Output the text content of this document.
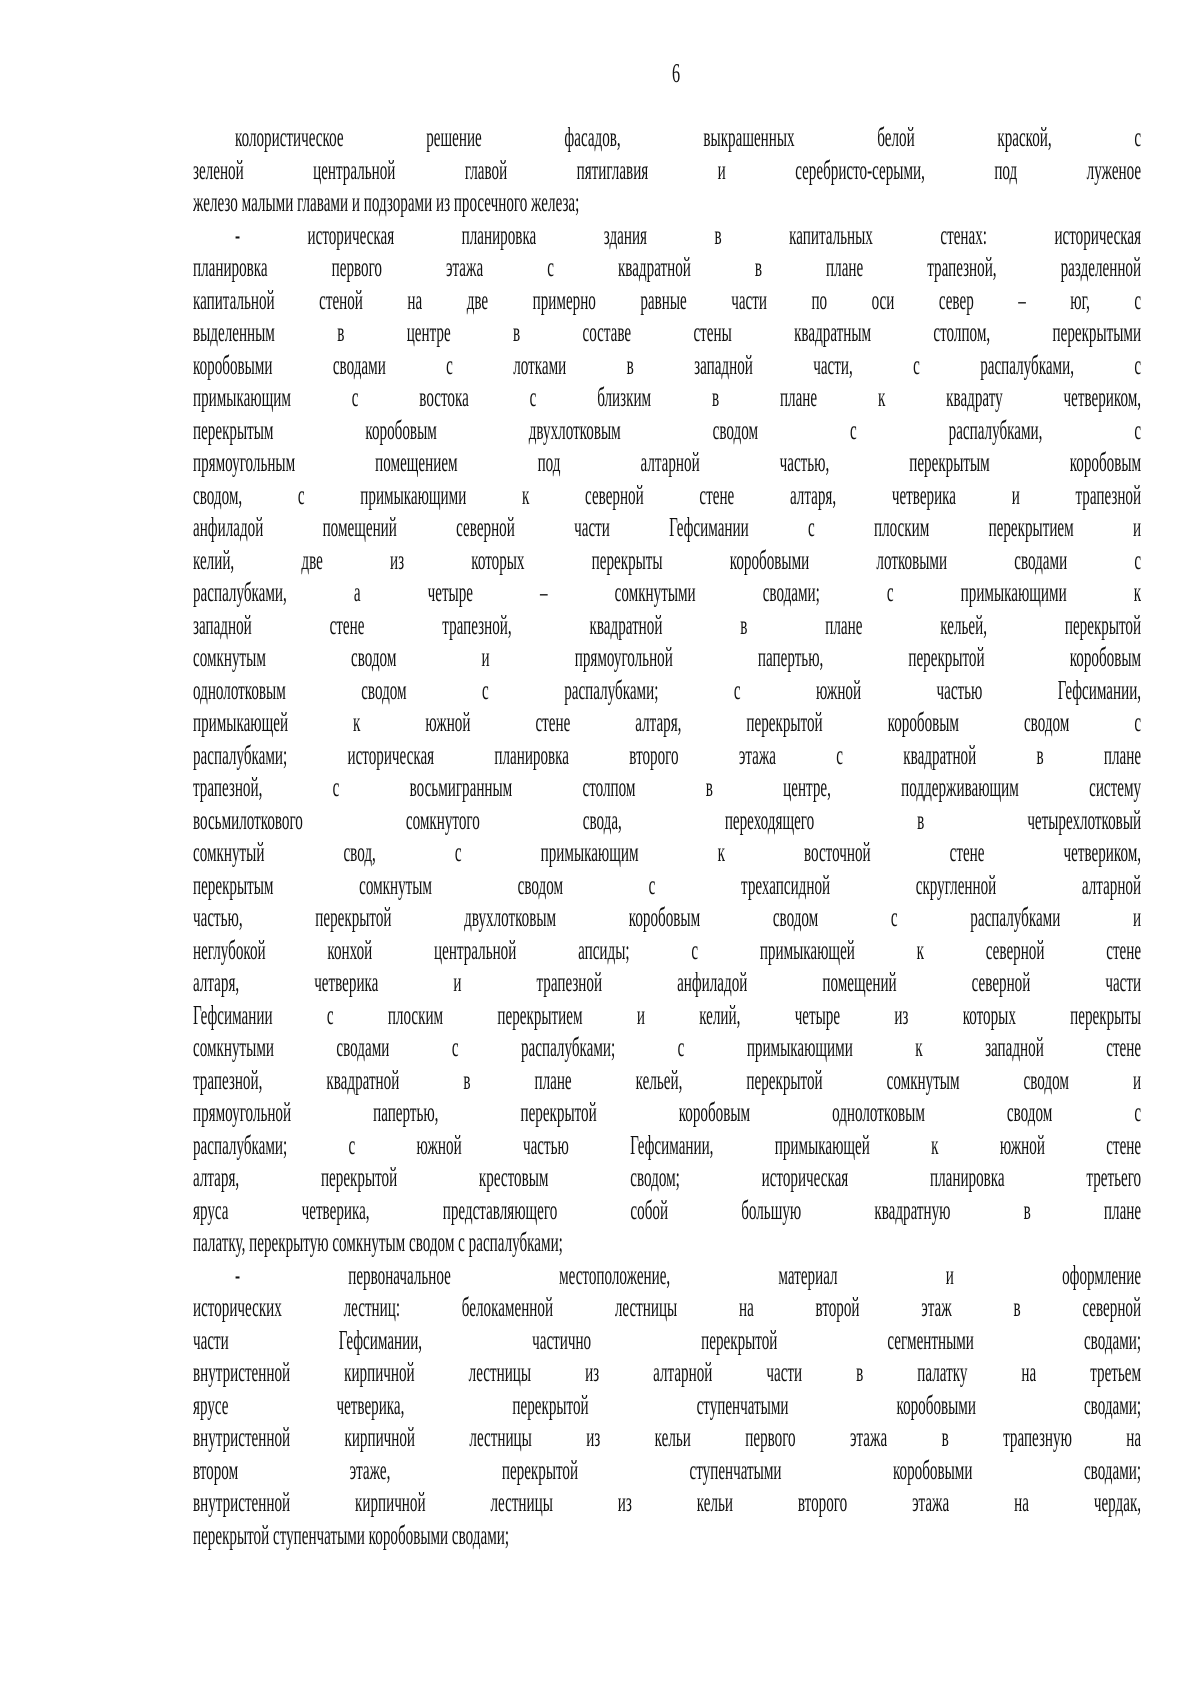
6
колористическое решение фасадов, выкрашенных белой краской, с
зеленой центральной главой пятиглавия и серебристо-серыми, под луженое
железо малыми главами и подзорами из просечного железа;
- историческая планировка здания в капитальных стенах: историческая
планировка первого этажа с квадратной в плане трапезной, разделенной
капитальной стеной на две примерно равные части по оси север – юг, с
выделенным в центре в составе стены квадратным столпом, перекрытыми
коробовыми сводами с лотками в западной части, с распалубками, с
примыкающим с востока с близким в плане к квадрату четвериком,
перекрытым коробовым двухлотковым сводом с распалубками, с
прямоугольным помещением под алтарной частью, перекрытым коробовым
сводом, с примыкающими к северной стене алтаря, четверика и трапезной
анфиладой помещений северной части Гефсимании с плоским перекрытием и
келий, две из которых перекрыты коробовыми лотковыми сводами с
распалубками, а четыре – сомкнутыми сводами; с примыкающими к
западной стене трапезной, квадратной в плане кельей, перекрытой
сомкнутым сводом и прямоугольной папертью, перекрытой коробовым
однолотковым сводом с распалубками; с южной частью Гефсимании,
примыкающей к южной стене алтаря, перекрытой коробовым сводом с
распалубками; историческая планировка второго этажа с квадратной в плане
трапезной, с восьмигранным столпом в центре, поддерживающим систему
восьмилоткового сомкнутого свода, переходящего в четырехлотковый
сомкнутый свод, с примыкающим к восточной стене четвериком,
перекрытым сомкнутым сводом с трехапсидной скругленной алтарной
частью, перекрытой двухлотковым коробовым сводом с распалубками и
неглубокой конхой центральной апсиды; с примыкающей к северной стене
алтаря, четверика и трапезной анфиладой помещений северной части
Гефсимании с плоским перекрытием и келий, четыре из которых перекрыты
сомкнутыми сводами с распалубками; с примыкающими к западной стене
трапезной, квадратной в плане кельей, перекрытой сомкнутым сводом и
прямоугольной папертью, перекрытой коробовым однолотковым сводом с
распалубками; с южной частью Гефсимании, примыкающей к южной стене
алтаря, перекрытой крестовым сводом; историческая планировка третьего
яруса четверика, представляющего собой большую квадратную в плане
палатку, перекрытую сомкнутым сводом с распалубками;
- первоначальное местоположение, материал и оформление
исторических лестниц: белокаменной лестницы на второй этаж в северной
части Гефсимании, частично перекрытой сегментными сводами;
внутристенной кирпичной лестницы из алтарной части в палатку на третьем
ярусе четверика, перекрытой ступенчатыми коробовыми сводами;
внутристенной кирпичной лестницы из кельи первого этажа в трапезную на
втором этаже, перекрытой ступенчатыми коробовыми сводами;
внутристенной кирпичной лестницы из кельи второго этажа на чердак,
перекрытой ступенчатыми коробовыми сводами;
